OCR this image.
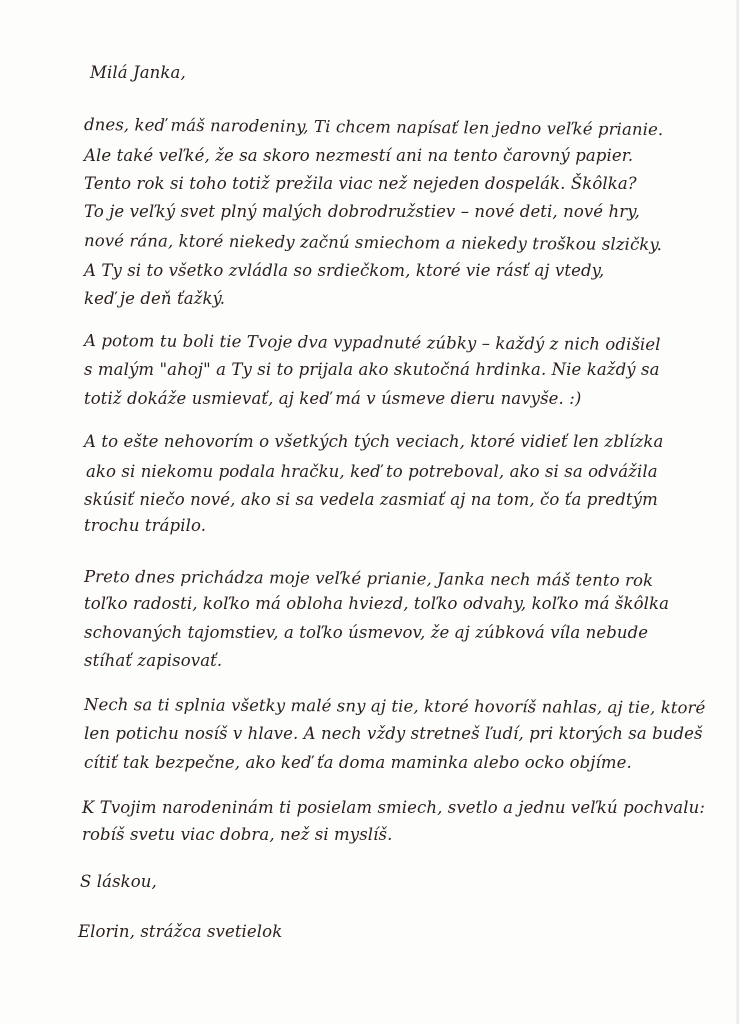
Milá Janka,
dnes, keď máš narodeniny, Ti chcem napísať len jedno veľké prianie.
Ale také veľké, že sa skoro nezmestí ani na tento čarovný papier.
Tento rok si toho totiž prežila viac než nejeden dospelák. Škôlka?
To je veľký svet plný malých dobrodružstiev – nové deti, nové hry,
nové rána, ktoré niekedy začnú smiechom a niekedy troškou slzičky.
A Ty si to všetko zvládla so srdiečkom, ktoré vie rásť aj vtedy,
keď je deň ťažký.
A potom tu boli tie Tvoje dva vypadnuté zúbky – každý z nich odišiel
s malým "ahoj" a Ty si to prijala ako skutočná hrdinka. Nie každý sa
totiž dokáže usmievať, aj keď má v úsmeve dieru navyše. :)
A to ešte nehovorím o všetkých tých veciach, ktoré vidieť len zblízka
ako si niekomu podala hračku, keď to potreboval, ako si sa odvážila
skúsiť niečo nové, ako si sa vedela zasmiať aj na tom, čo ťa predtým
trochu trápilo.
Preto dnes prichádza moje veľké prianie, Janka nech máš tento rok
toľko radosti, koľko má obloha hviezd, toľko odvahy, koľko má škôlka
schovaných tajomstiev, a toľko úsmevov, že aj zúbková víla nebude
stíhať zapisovať.
Nech sa ti splnia všetky malé sny aj tie, ktoré hovoríš nahlas, aj tie, ktoré
len potichu nosíš v hlave. A nech vždy stretneš ľudí, pri ktorých sa budeš
cítiť tak bezpečne, ako keď ťa doma maminka alebo ocko objíme.
K Tvojim narodeninám ti posielam smiech, svetlo a jednu veľkú pochvalu:
robíš svetu viac dobra, než si myslíš.
S láskou,
Elorin, strážca svetielok
